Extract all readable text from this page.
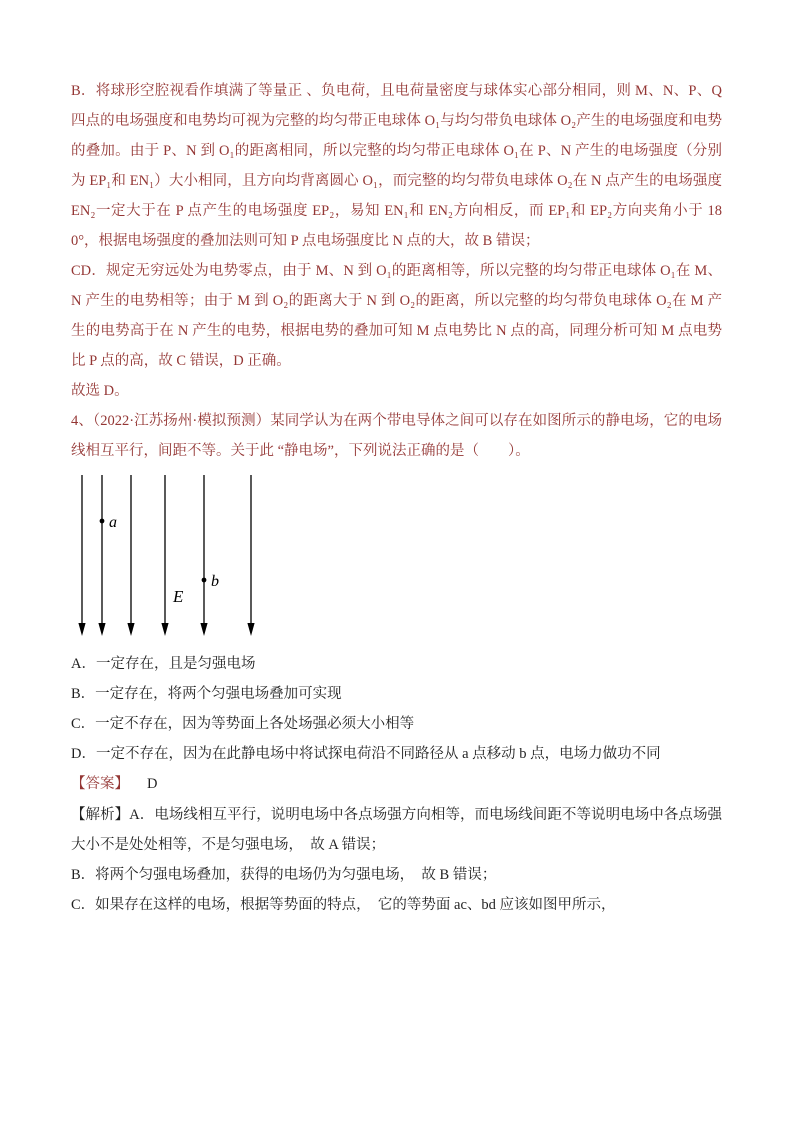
B．将球形空腔视看作填满了等量正 、负电荷，且电荷量密度与球体实心部分相同，则 M、N、P、Q 四点的电场强度和电势均可视为完整的均匀带正电球体 O₁与均匀带负电球体 O₂产生的电场强度和电势的叠加。由于 P、N 到 O₁的距离相同，所以完整的均匀带正电球体 O₁在 P、N 产生的电场强度（分别为 EP₁和 EN₁）大小相同，且方向均背离圆心 O₁，而完整的均匀带负电球体 O₂在 N 点产生的电场强度 EN₂一定大于在 P 点产生的电场强度 EP₂，易知 EN₁和 EN₂方向相反，而 EP₁和 EP₂方向夹角小于 180°，根据电场强度的叠加法则可知 P 点电场强度比 N 点的大，故 B 错误；

CD．规定无穷远处为电势零点，由于 M、N 到 O₁的距离相等，所以完整的均匀带正电球体 O₁在 M、N 产生的电势相等；由于 M 到 O₂的距离大于 N 到 O₂的距离，所以完整的均匀带负电球体 O₂在 M 产生的电势高于在 N 产生的电势，根据电势的叠加可知 M 点电势比 N 点的高，同理分析可知 M 点电势比 P 点的高，故 C 错误，D 正确。

故选 D。

4、（2022·江苏扬州·模拟预测）某同学认为在两个带电导体之间可以存在如图所示的静电场，它的电场线相互平行，间距不等。关于此 “静电场”，下列说法正确的是（　　）。

a
b
E

A．一定存在，且是匀强电场

B．一定存在，将两个匀强电场叠加可实现

C．一定不存在，因为等势面上各处场强必须大小相等

D．一定不存在，因为在此静电场中将试探电荷沿不同路径从 a 点移动 b 点，电场力做功不同

【答案】 D

【解析】A．电场线相互平行，说明电场中各点场强方向相等，而电场线间距不等说明电场中各点场强大小不是处处相等，不是匀强电场，　故 A 错误；

B．将两个匀强电场叠加，获得的电场仍为匀强电场，　故 B 错误；

C．如果存在这样的电场，根据等势面的特点，　它的等势面 ac、bd 应该如图甲所示，
